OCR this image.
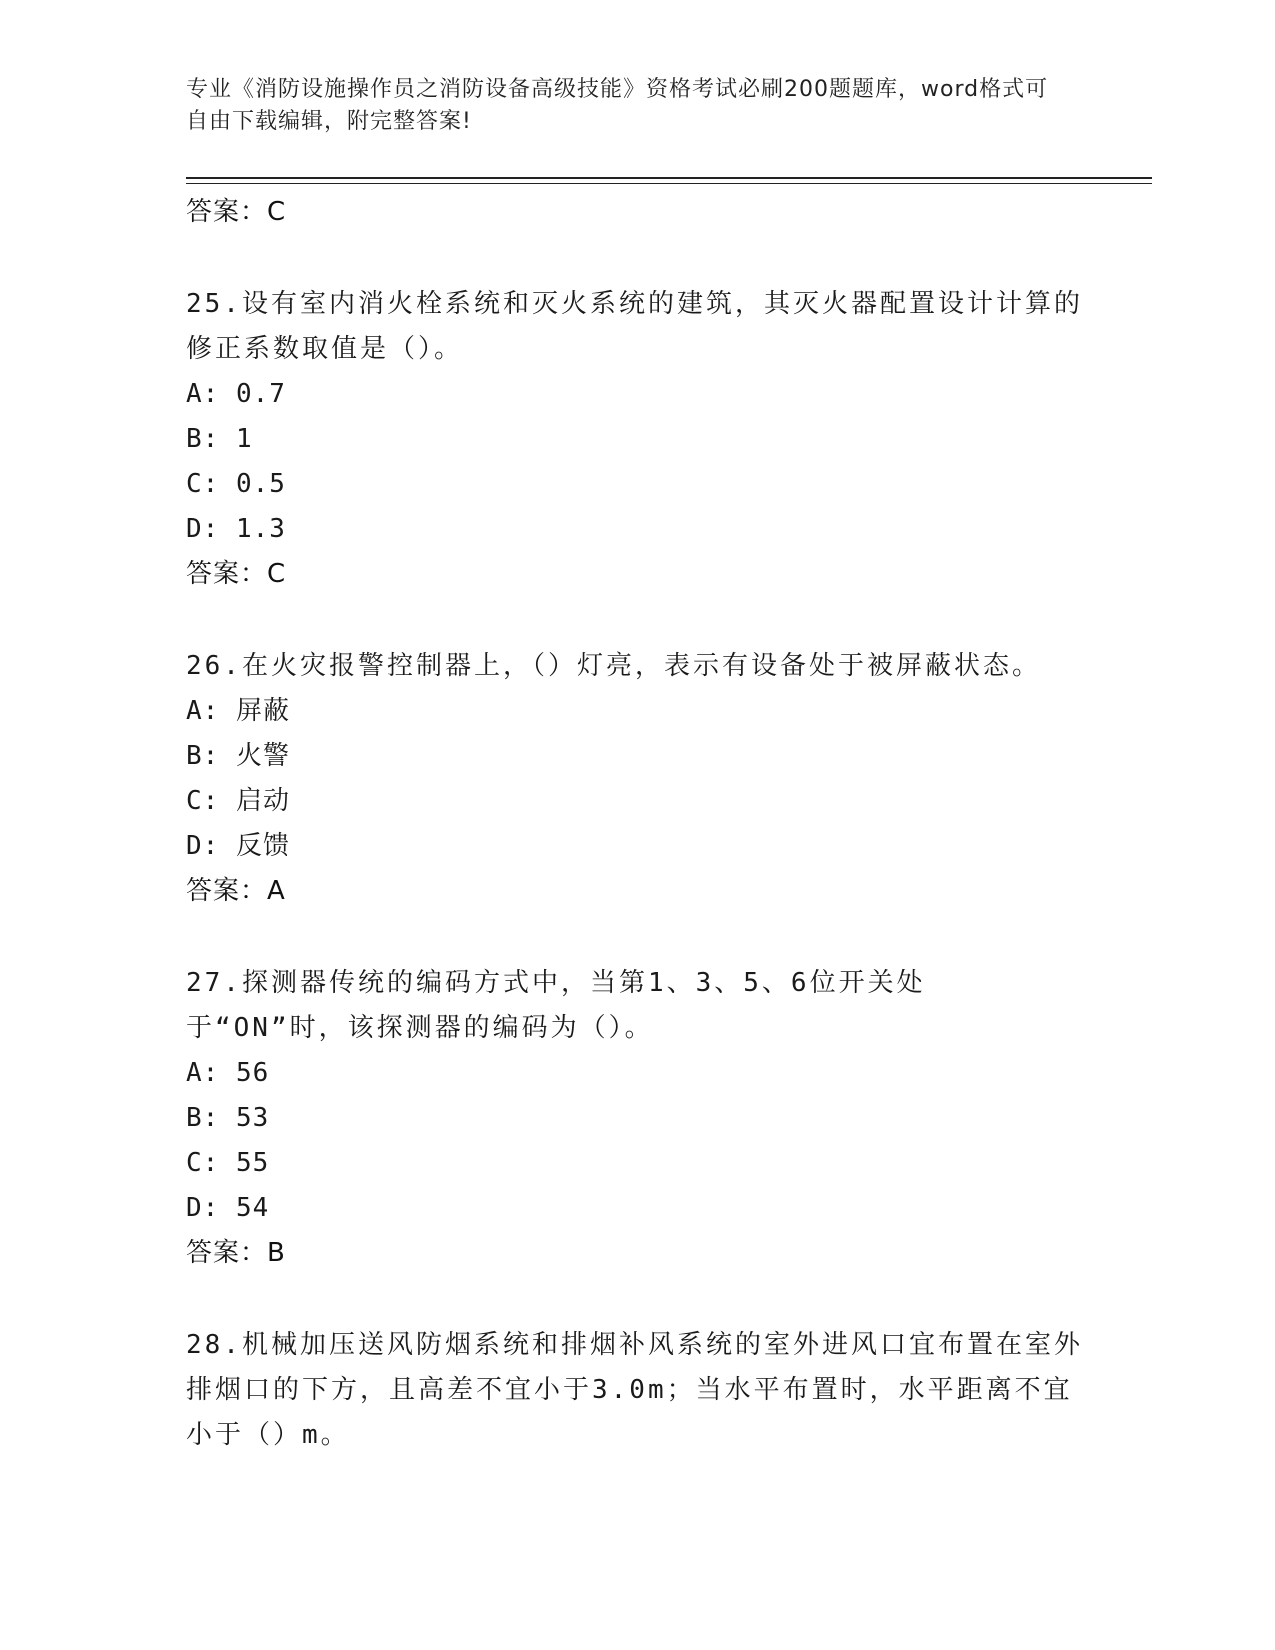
专业《消防设施操作员之消防设备高级技能》资格考试必刷200题题库，word格式可自由下载编辑，附完整答案!
答案：C
25.设有室内消火栓系统和灭火系统的建筑，其灭火器配置设计计算的修正系数取值是（）。
A: 0.7
B: 1
C: 0.5
D: 1.3
答案：C
26.在火灾报警控制器上，（）灯亮，表示有设备处于被屏蔽状态。
A: 屏蔽
B: 火警
C: 启动
D: 反馈
答案：A
27.探测器传统的编码方式中，当第1、3、5、6位开关处于“ON”时，该探测器的编码为（）。
A: 56
B: 53
C: 55
D: 54
答案：B
28.机械加压送风防烟系统和排烟补风系统的室外进风口宜布置在室外排烟口的下方，且高差不宜小于3.0m；当水平布置时，水平距离不宜小于（）m。
